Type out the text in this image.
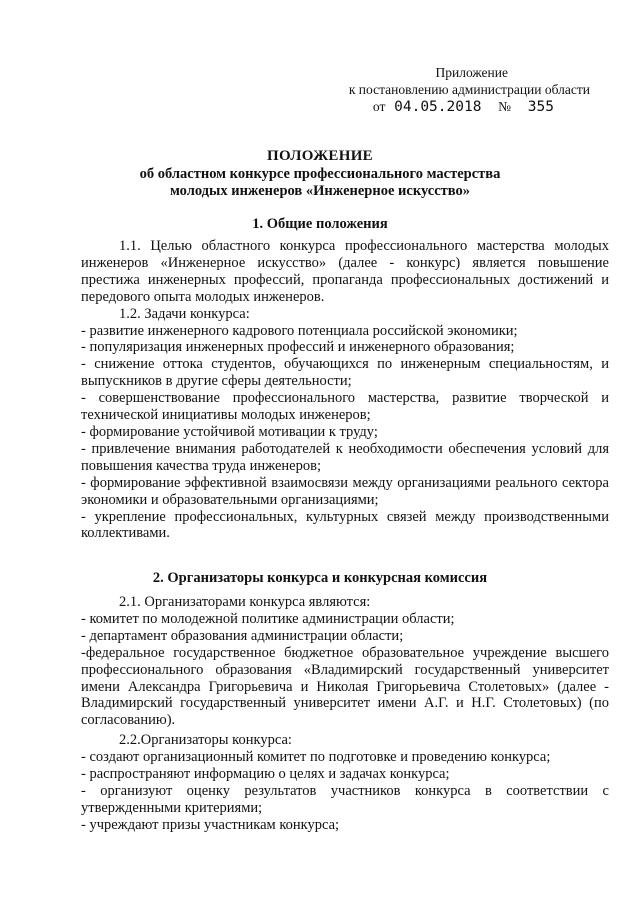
Приложение
к постановлению администрации области
от 04.05.2018 № 355
ПОЛОЖЕНИЕ
об областном конкурсе профессионального мастерства
молодых инженеров «Инженерное искусство»
1. Общие положения

1.1. Целью областного конкурса профессионального мастерства молодых инженеров «Инженерное искусство» (далее - конкурс) является повышение престижа инженерных профессий, пропаганда профессиональных достижений и передового опыта молодых инженеров.

1.2. Задачи конкурса:

- развитие инженерного кадрового потенциала российской экономики;

- популяризация инженерных профессий и инженерного образования;

- снижение оттока студентов, обучающихся по инженерным специальностям, и выпускников в другие сферы деятельности;

- совершенствование профессионального мастерства, развитие творческой и технической инициативы молодых инженеров;

- формирование устойчивой мотивации к труду;

- привлечение внимания работодателей к необходимости обеспечения условий для повышения качества труда инженеров;

- формирование эффективной взаимосвязи между организациями реального сектора экономики и образовательными организациями;

- укрепление профессиональных, культурных связей между производственными коллективами.

2. Организаторы конкурса и конкурсная комиссия

2.1. Организаторами конкурса являются:

- комитет по молодежной политике администрации области;

- департамент образования администрации области;

-федеральное государственное бюджетное образовательное учреждение высшего профессионального образования «Владимирский государственный университет имени Александра Григорьевича и Николая Григорьевича Столетовых» (далее - Владимирский государственный университет имени А.Г. и Н.Г. Столетовых) (по согласованию).

2.2.Организаторы конкурса:

- создают организационный комитет по подготовке и проведению конкурса;

- распространяют информацию о целях и задачах конкурса;

- организуют оценку результатов участников конкурса в соответствии с утвержденными критериями;

- учреждают призы участникам конкурса;
